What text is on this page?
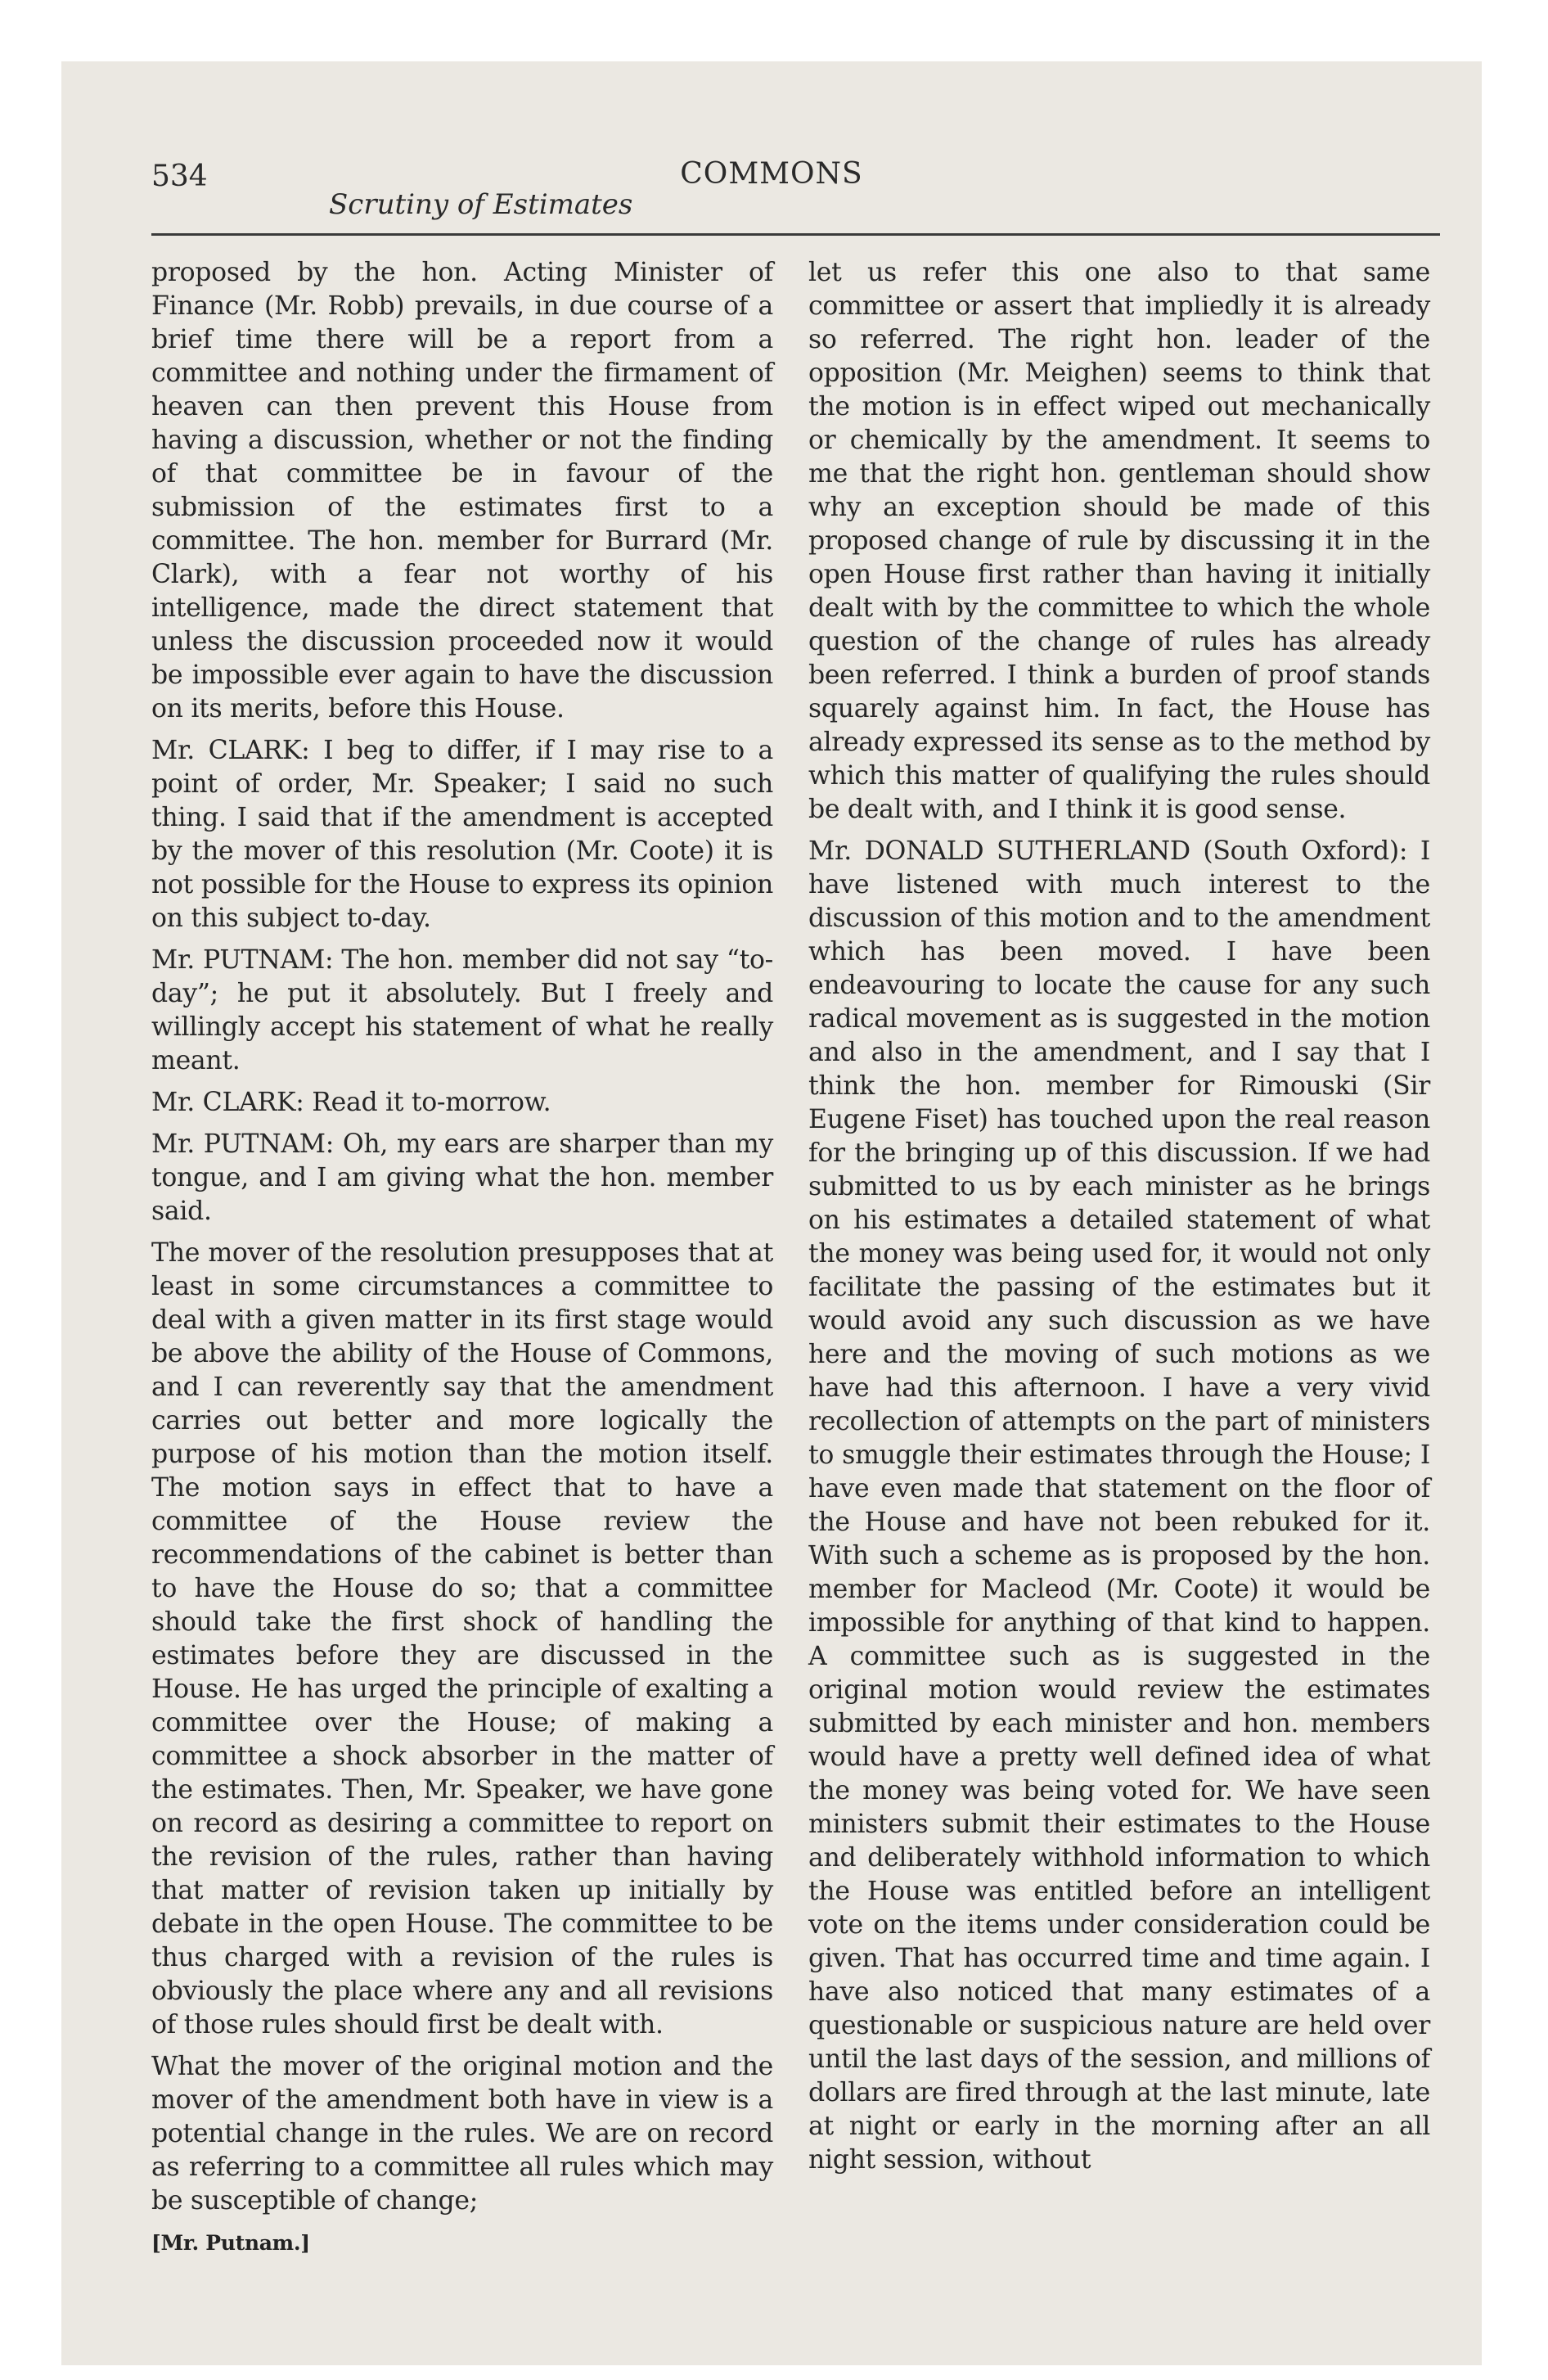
534	COMMONS
Scrutiny of Estimates

proposed by the hon. Acting Minister of Finance (Mr. Robb) prevails, in due course of a brief time there will be a report from a committee and nothing under the firmament of heaven can then prevent this House from having a discussion, whether or not the finding of that committee be in favour of the submission of the estimates first to a committee. The hon. member for Burrard (Mr. Clark), with a fear not worthy of his intelligence, made the direct statement that unless the discussion proceeded now it would be impossible ever again to have the discussion on its merits, before this House.

Mr. CLARK: I beg to differ, if I may rise to a point of order, Mr. Speaker; I said no such thing. I said that if the amendment is accepted by the mover of this resolution (Mr. Coote) it is not possible for the House to express its opinion on this subject to-day.

Mr. PUTNAM: The hon. member did not say “to-day”; he put it absolutely. But I freely and willingly accept his statement of what he really meant.

Mr. CLARK: Read it to-morrow.

Mr. PUTNAM: Oh, my ears are sharper than my tongue, and I am giving what the hon. member said.

The mover of the resolution presupposes that at least in some circumstances a committee to deal with a given matter in its first stage would be above the ability of the House of Commons, and I can reverently say that the amendment carries out better and more logically the purpose of his motion than the motion itself. The motion says in effect that to have a committee of the House review the recommendations of the cabinet is better than to have the House do so; that a committee should take the first shock of handling the estimates before they are discussed in the House. He has urged the principle of exalting a committee over the House; of making a committee a shock absorber in the matter of the estimates. Then, Mr. Speaker, we have gone on record as desiring a committee to report on the revision of the rules, rather than having that matter of revision taken up initially by debate in the open House. The committee to be thus charged with a revision of the rules is obviously the place where any and all revisions of those rules should first be dealt with.

What the mover of the original motion and the mover of the amendment both have in view is a potential change in the rules. We are on record as referring to a committee all rules which may be susceptible of change;

[Mr. Putnam.]

let us refer this one also to that same committee or assert that impliedly it is already so referred. The right hon. leader of the opposition (Mr. Meighen) seems to think that the motion is in effect wiped out mechanically or chemically by the amendment. It seems to me that the right hon. gentleman should show why an exception should be made of this proposed change of rule by discussing it in the open House first rather than having it initially dealt with by the committee to which the whole question of the change of rules has already been referred. I think a burden of proof stands squarely against him. In fact, the House has already expressed its sense as to the method by which this matter of qualifying the rules should be dealt with, and I think it is good sense.

Mr. DONALD SUTHERLAND (South Oxford): I have listened with much interest to the discussion of this motion and to the amendment which has been moved. I have been endeavouring to locate the cause for any such radical movement as is suggested in the motion and also in the amendment, and I say that I think the hon. member for Rimouski (Sir Eugene Fiset) has touched upon the real reason for the bringing up of this discussion. If we had submitted to us by each minister as he brings on his estimates a detailed statement of what the money was being used for, it would not only facilitate the passing of the estimates but it would avoid any such discussion as we have here and the moving of such motions as we have had this afternoon. I have a very vivid recollection of attempts on the part of ministers to smuggle their estimates through the House; I have even made that statement on the floor of the House and have not been rebuked for it. With such a scheme as is proposed by the hon. member for Macleod (Mr. Coote) it would be impossible for anything of that kind to happen. A committee such as is suggested in the original motion would review the estimates submitted by each minister and hon. members would have a pretty well defined idea of what the money was being voted for. We have seen ministers submit their estimates to the House and deliberately withhold information to which the House was entitled before an intelligent vote on the items under consideration could be given. That has occurred time and time again. I have also noticed that many estimates of a questionable or suspicious nature are held over until the last days of the session, and millions of dollars are fired through at the last minute, late at night or early in the morning after an all night session, without
